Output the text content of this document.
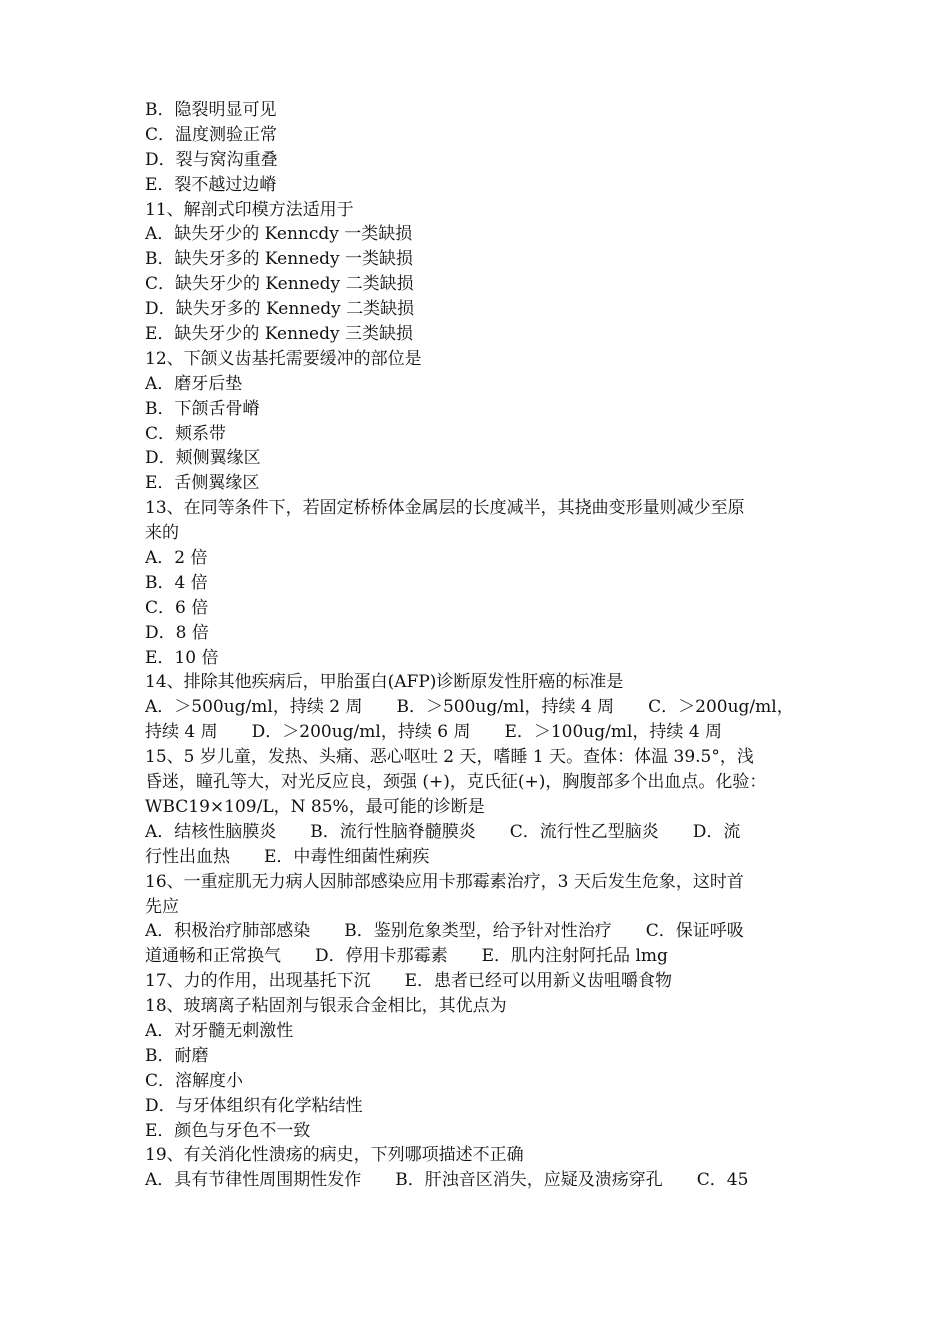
B．隐裂明显可见
C．温度测验正常
D．裂与窝沟重叠
E．裂不越过边嵴
11、解剖式印模方法适用于
A．缺失牙少的 Kenncdy 一类缺损
B．缺失牙多的 Kennedy 一类缺损
C．缺失牙少的 Kennedy 二类缺损
D．缺失牙多的 Kennedy 二类缺损
E．缺失牙少的 Kennedy 三类缺损
12、下颌义齿基托需要缓冲的部位是
A．磨牙后垫
B．下颌舌骨嵴
C．颊系带
D．颊侧翼缘区
E．舌侧翼缘区
13、在同等条件下，若固定桥桥体金属层的长度减半，其挠曲变形量则减少至原
来的
A．2 倍
B．4 倍
C．6 倍
D．8 倍
E．10 倍
14、排除其他疾病后，甲胎蛋白(AFP)诊断原发性肝癌的标准是
A．＞500ug/ml，持续 2 周　　B．＞500ug/ml，持续 4 周　　C．＞200ug/ml，
持续 4 周　　D．＞200ug/ml，持续 6 周　　E．＞100ug/ml，持续 4 周
15、5 岁儿童，发热、头痛、恶心呕吐 2 天，嗜睡 1 天。查体：体温 39.5°，浅
昏迷，瞳孔等大，对光反应良，颈强 (+)，克氏征(+)，胸腹部多个出血点。化验：
WBC19×109/L，N 85%，最可能的诊断是
A．结核性脑膜炎　　B．流行性脑脊髓膜炎　　C．流行性乙型脑炎　　D．流
行性出血热　　E．中毒性细菌性痢疾
16、一重症肌无力病人因肺部感染应用卡那霉素治疗，3 天后发生危象，这时首
先应
A．积极治疗肺部感染　　B．鉴别危象类型，给予针对性治疗　　C．保证呼吸
道通畅和正常换气　　D．停用卡那霉素　　E．肌内注射阿托品 lmg
17、力的作用，出现基托下沉　　E．患者已经可以用新义齿咀嚼食物
18、玻璃离子粘固剂与银汞合金相比，其优点为
A．对牙髓无刺激性
B．耐磨
C．溶解度小
D．与牙体组织有化学粘结性
E．颜色与牙色不一致
19、有关消化性溃疡的病史，下列哪项描述不正确
A．具有节律性周围期性发作　　B．肝浊音区消失，应疑及溃疡穿孔　　C．45
